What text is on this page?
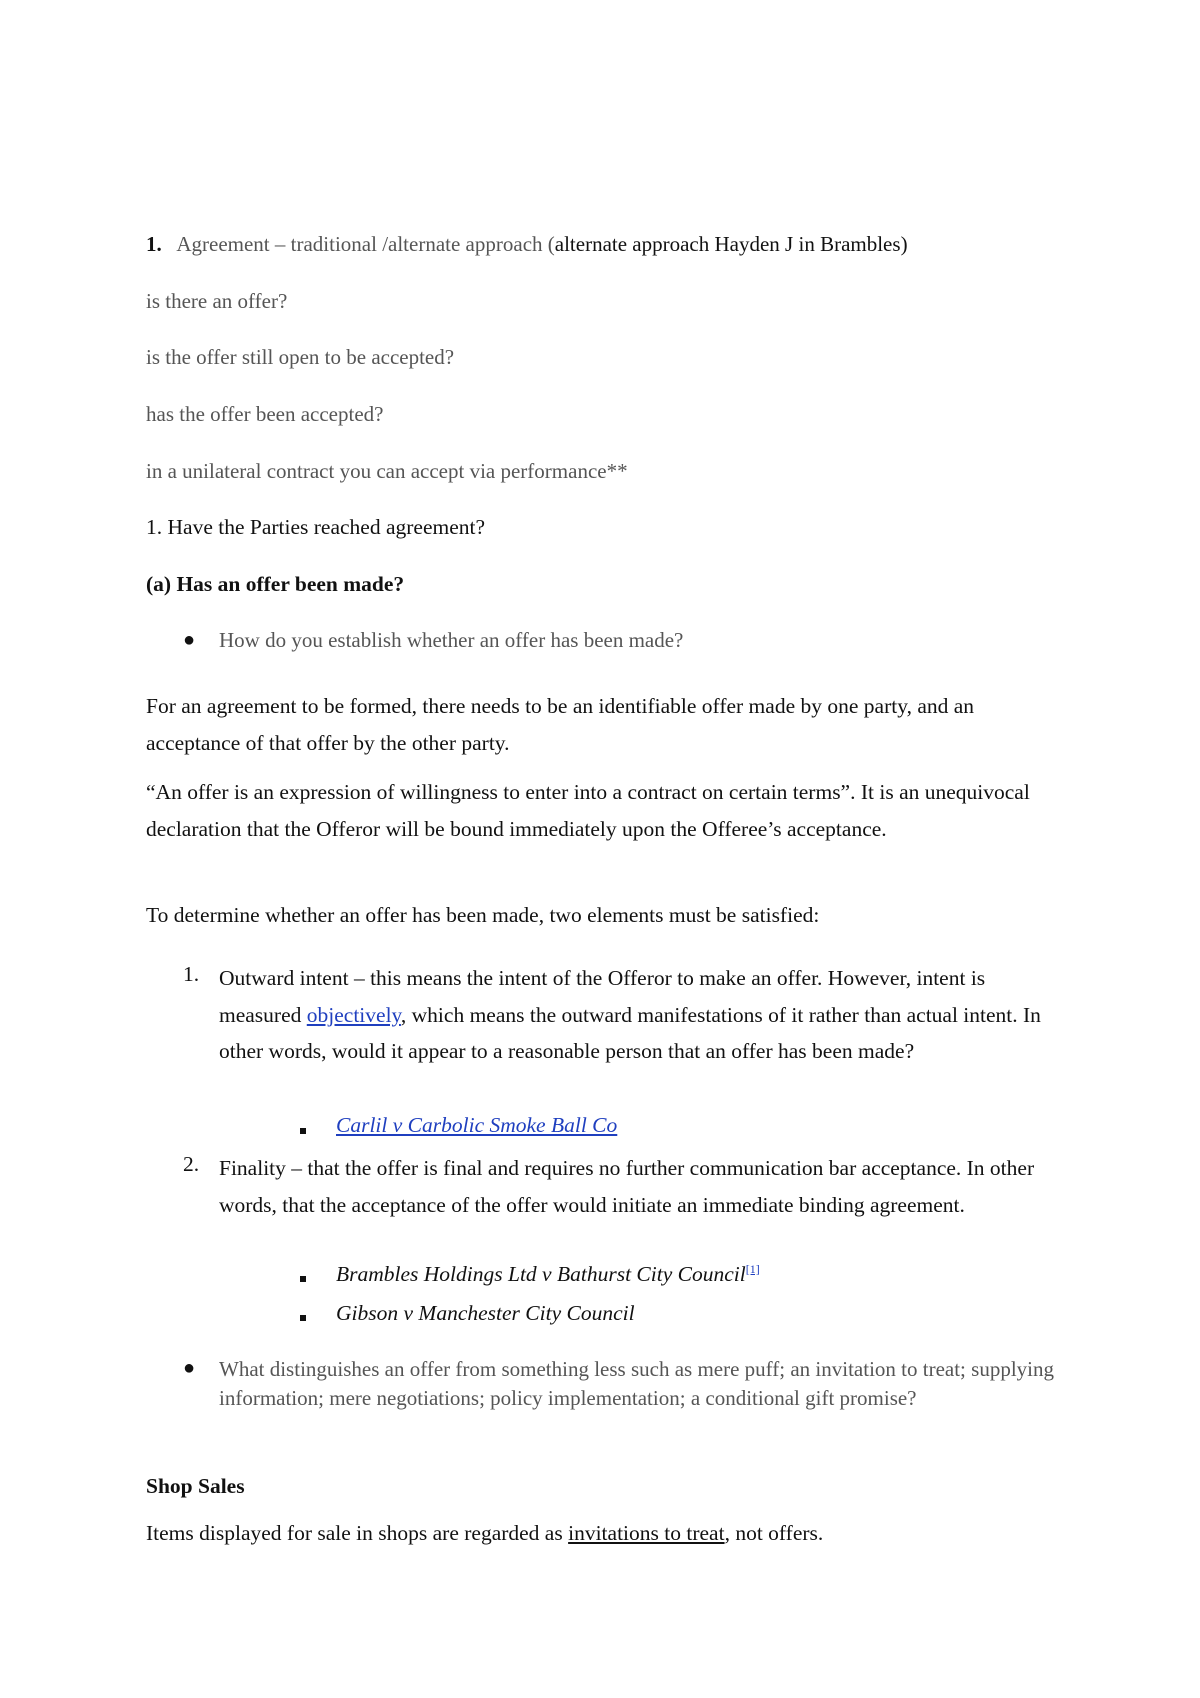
1. Agreement – traditional /alternate approach (alternate approach Hayden J in Brambles)
is there an offer?
is the offer still open to be accepted?
has the offer been accepted?
in a unilateral contract you can accept via performance**
1. Have the Parties reached agreement?
(a) Has an offer been made?
● How do you establish whether an offer has been made?
For an agreement to be formed, there needs to be an identifiable offer made by one party, and an acceptance of that offer by the other party.
“An offer is an expression of willingness to enter into a contract on certain terms”. It is an unequivocal declaration that the Offeror will be bound immediately upon the Offeree’s acceptance.
To determine whether an offer has been made, two elements must be satisfied:
1. Outward intent – this means the intent of the Offeror to make an offer. However, intent is measured objectively, which means the outward manifestations of it rather than actual intent. In other words, would it appear to a reasonable person that an offer has been made?
Carlil v Carbolic Smoke Ball Co
2. Finality – that the offer is final and requires no further communication bar acceptance. In other words, that the acceptance of the offer would initiate an immediate binding agreement.
Brambles Holdings Ltd v Bathurst City Council[1]
Gibson v Manchester City Council
● What distinguishes an offer from something less such as mere puff; an invitation to treat; supplying information; mere negotiations; policy implementation; a conditional gift promise?
Shop Sales
Items displayed for sale in shops are regarded as invitations to treat, not offers.
